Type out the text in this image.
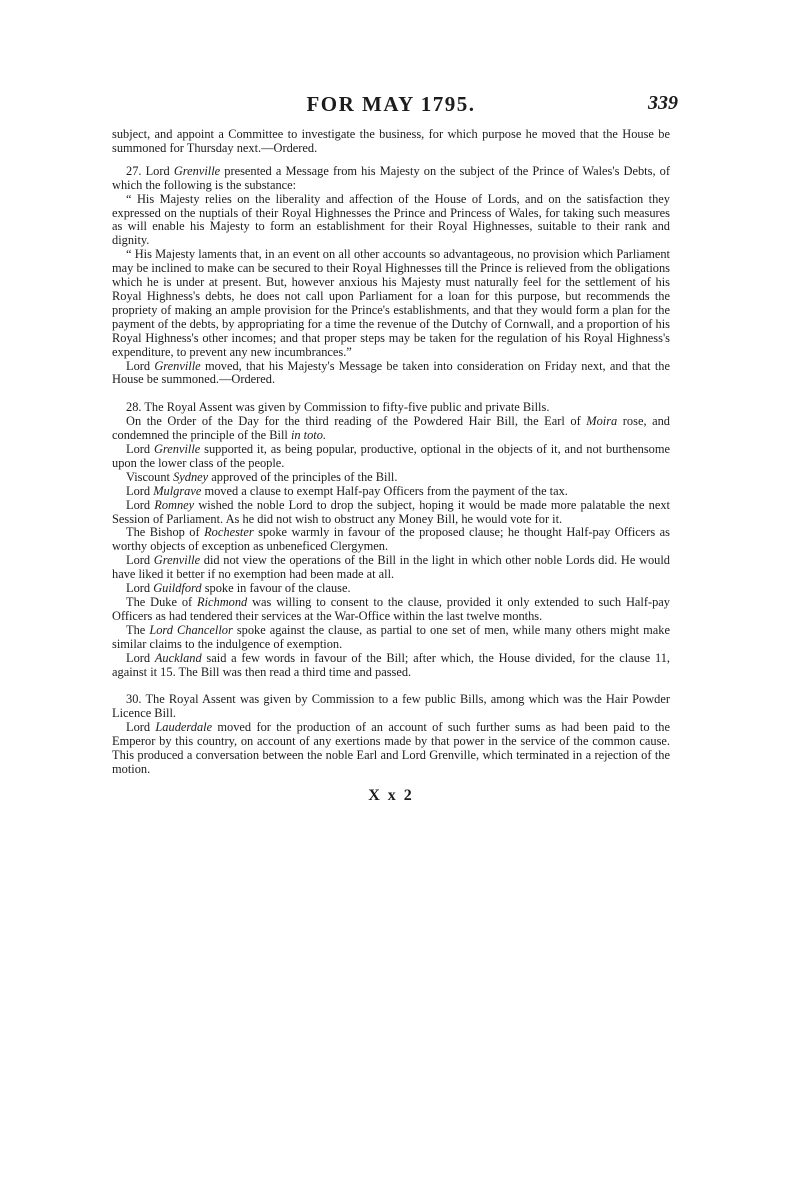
FOR MAY 1795.	339

subject, and appoint a Committee to investigate the business, for which purpose he moved that the House be summoned for Thursday next.—Ordered.

27. Lord Grenville presented a Message from his Majesty on the subject of the Prince of Wales's Debts, of which the following is the substance:

“ His Majesty relies on the liberality and affection of the House of Lords, and on the satisfaction they expressed on the nuptials of their Royal Highnesses the Prince and Princess of Wales, for taking such measures as will enable his Majesty to form an establishment for their Royal Highnesses, suitable to their rank and dignity.

“ His Majesty laments that, in an event on all other accounts so advantageous, no provision which Parliament may be inclined to make can be secured to their Royal Highnesses till the Prince is relieved from the obligations which he is under at present. But, however anxious his Majesty must naturally feel for the settlement of his Royal Highness's debts, he does not call upon Parliament for a loan for this purpose, but recommends the propriety of making an ample provision for the Prince's establishments, and that they would form a plan for the payment of the debts, by appropriating for a time the revenue of the Dutchy of Cornwall, and a proportion of his Royal Highness's other incomes; and that proper steps may be taken for the regulation of his Royal Highness's expenditure, to prevent any new incumbrances.”

Lord Grenville moved, that his Majesty's Message be taken into consideration on Friday next, and that the House be summoned.—Ordered.

28. The Royal Assent was given by Commission to fifty-five public and private Bills.

On the Order of the Day for the third reading of the Powdered Hair Bill, the Earl of Moira rose, and condemned the principle of the Bill in toto.

Lord Grenville supported it, as being popular, productive, optional in the objects of it, and not burthensome upon the lower class of the people.

Viscount Sydney approved of the principles of the Bill.

Lord Mulgrave moved a clause to exempt Half-pay Officers from the payment of the tax.

Lord Romney wished the noble Lord to drop the subject, hoping it would be made more palatable the next Session of Parliament. As he did not wish to obstruct any Money Bill, he would vote for it.

The Bishop of Rochester spoke warmly in favour of the proposed clause; he thought Half-pay Officers as worthy objects of exception as unbeneficed Clergymen.

Lord Grenville did not view the operations of the Bill in the light in which other noble Lords did. He would have liked it better if no exemption had been made at all.

Lord Guildford spoke in favour of the clause.

The Duke of Richmond was willing to consent to the clause, provided it only extended to such Half-pay Officers as had tendered their services at the War-Office within the last twelve months.

The Lord Chancellor spoke against the clause, as partial to one set of men, while many others might make similar claims to the indulgence of exemption.

Lord Auckland said a few words in favour of the Bill; after which, the House divided, for the clause 11, against it 15. The Bill was then read a third time and passed.

30. The Royal Assent was given by Commission to a few public Bills, among which was the Hair Powder Licence Bill.

Lord Lauderdale moved for the production of an account of such further sums as had been paid to the Emperor by this country, on account of any exertions made by that power in the service of the common cause. This produced a conversation between the noble Earl and Lord Grenville, which terminated in a rejection of the motion.

X x 2
